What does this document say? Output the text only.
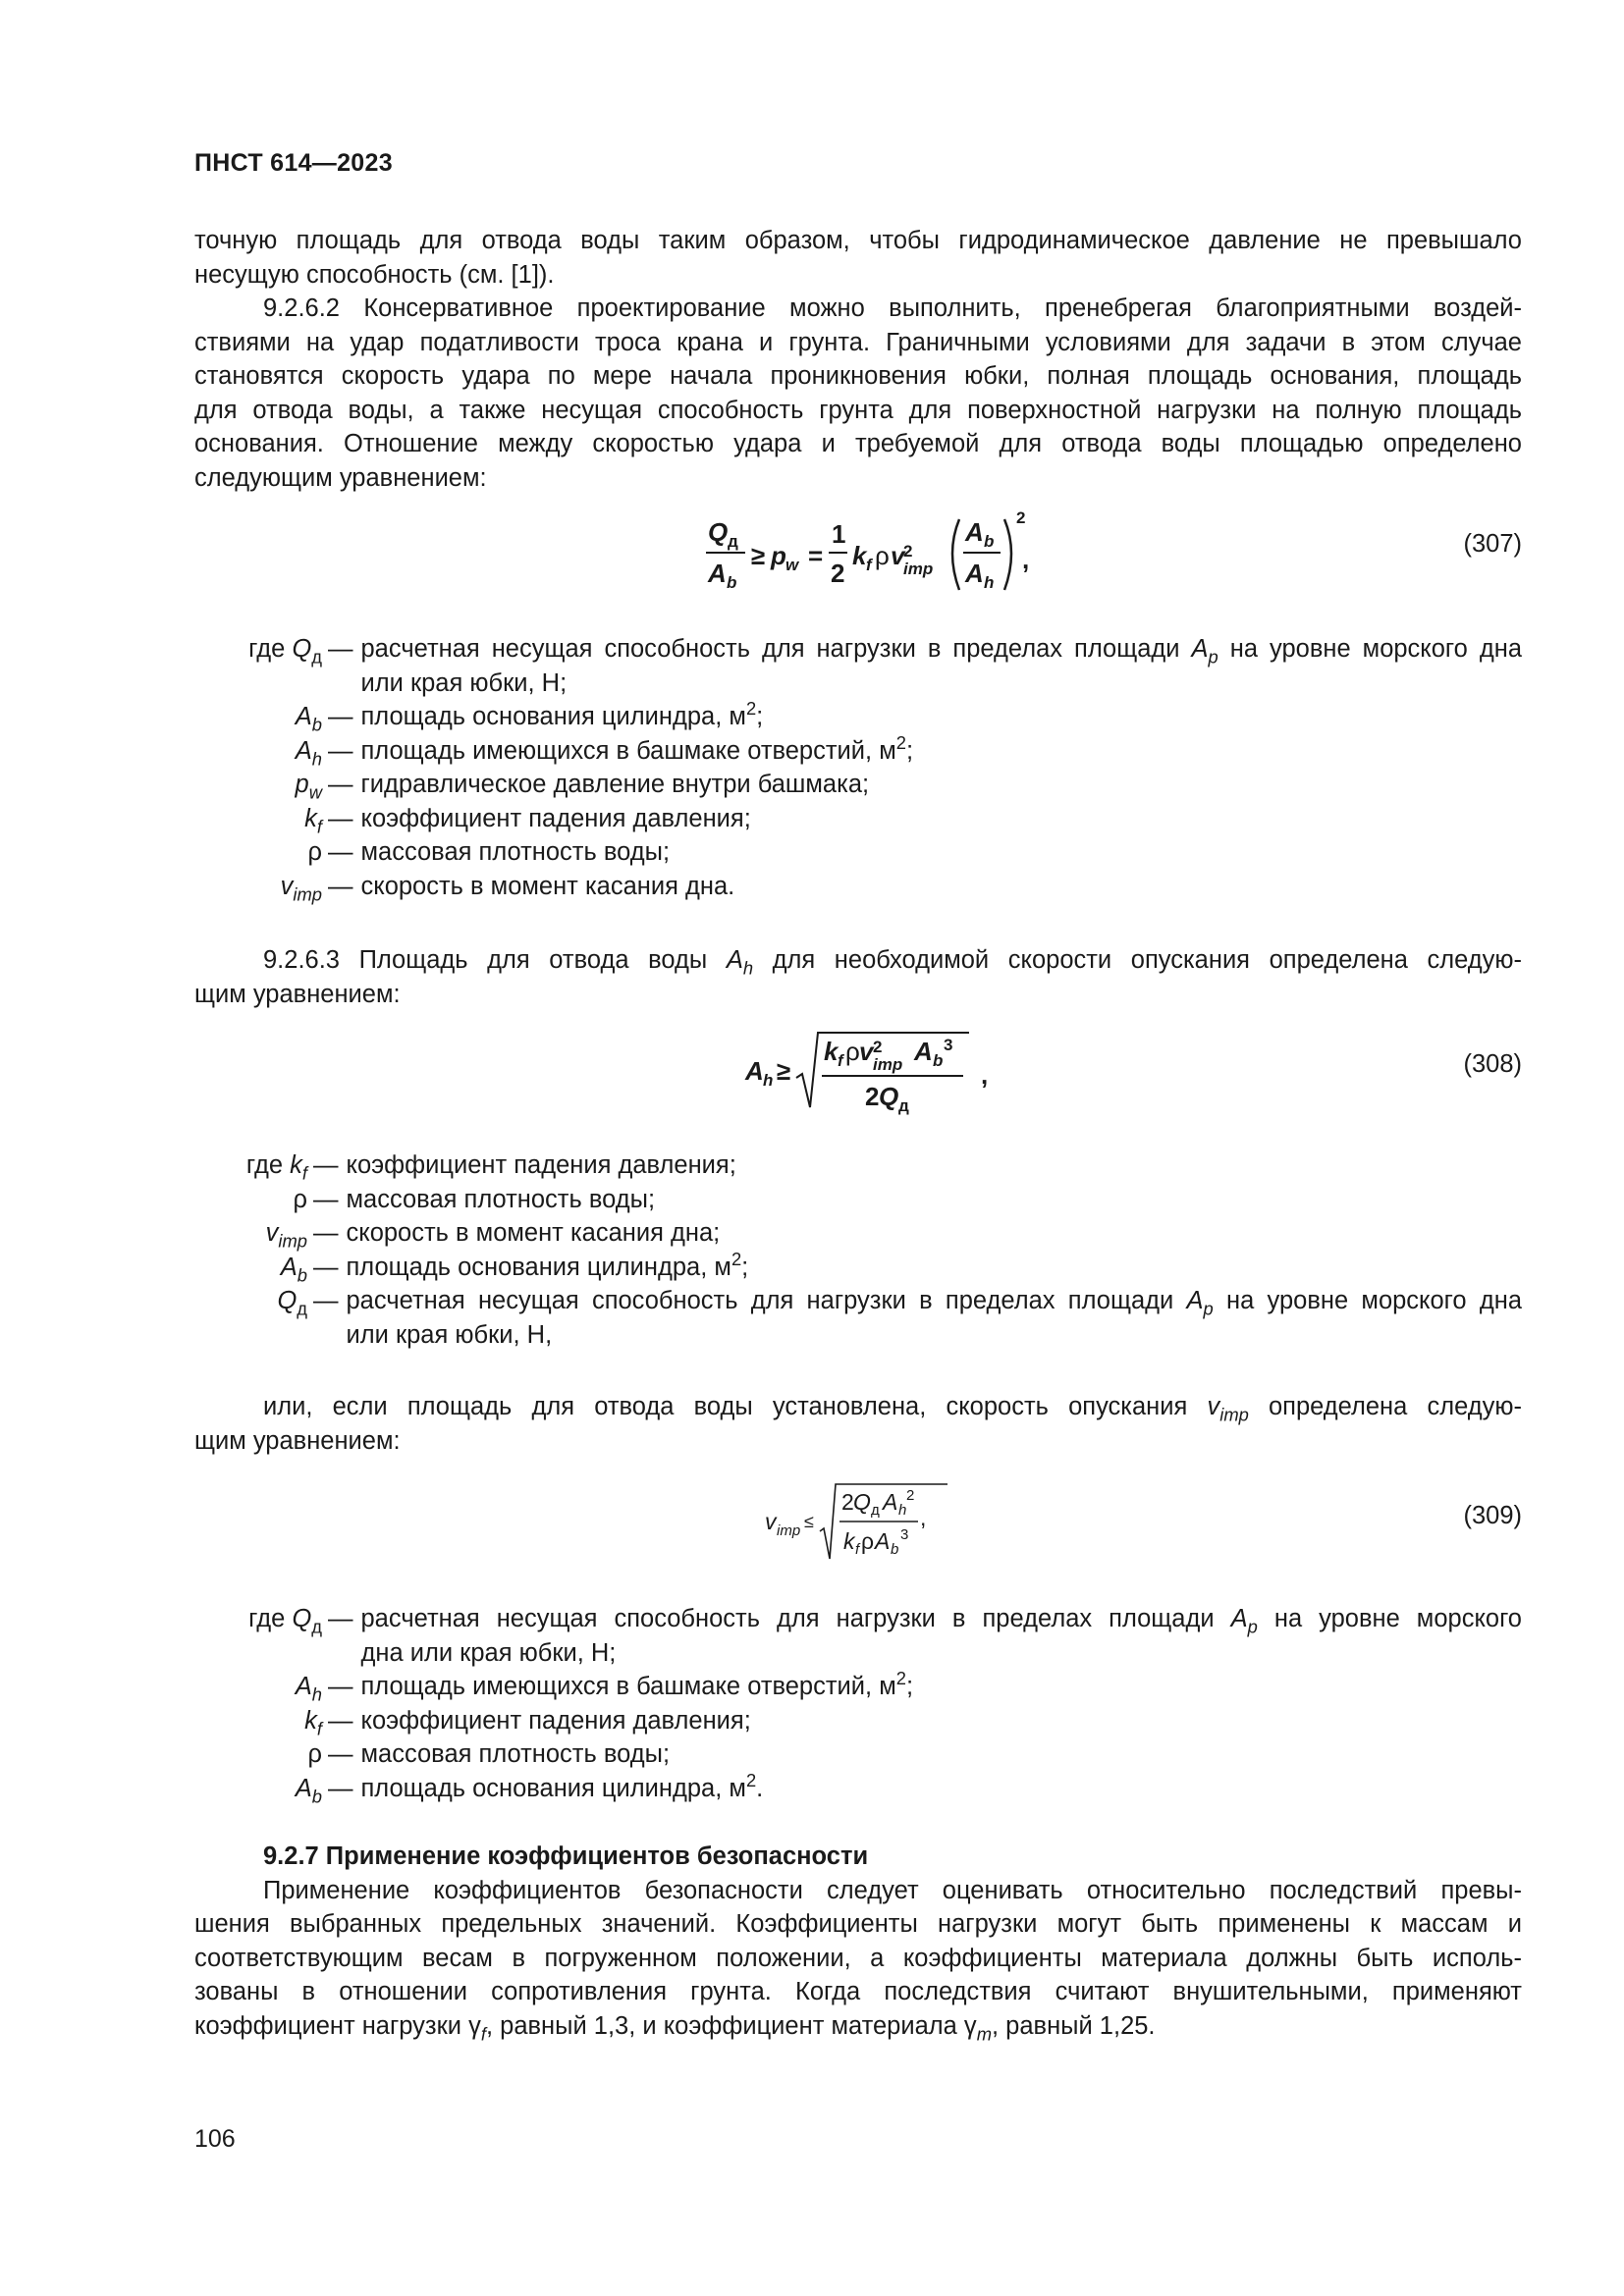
ПНСТ 614—2023
точную площадь для отвода воды таким образом, чтобы гидродинамическое давление не превышало
несущую способность (см. [1]).
9.2.6.2 Консервативное проектирование можно выполнить, пренебрегая благоприятными воздей-
ствиями на удар податливости троса крана и грунта. Граничными условиями для задачи в этом случае
становятся скорость удара по мере начала проникновения юбки, полная площадь основания, площадь
для отвода воды, а также несущая способность грунта для поверхностной нагрузки на полную площадь
основания. Отношение между скоростью удара и требуемой для отвода воды площадью определено
следующим уравнением:
Q д
A b
≥ p w =
1
2
k f ρ v
2
imp
A b
A h
2
,
(307)
где $Q_д$ — расчетная несущая способность для нагрузки в пределах площади $A_p$ на уровне морского дна
или края юбки, Н;
$A_b$ — площадь основания цилиндра, $м^2$;
$A_h$ — площадь имеющихся в башмаке отверстий, $м^2$;
$p_w$ — гидравлическое давление внутри башмака;
$k_f$ — коэффициент падения давления;
ρ — массовая плотность воды;
$v_{imp}$ — скорость в момент касания дна.
9.2.6.3 Площадь для отвода воды $A_h$ для необходимой скорости опускания определена следую-
щим уравнением:
A h ≥
k f ρ v 2
imp A b
3
2 Q д
,	(308)
где $k_f$ — коэффициент падения давления;
ρ — массовая плотность воды;
$v_{imp}$ — скорость в момент касания дна;
$A_b$ — площадь основания цилиндра, $м^2$;
$Q_д$ — расчетная несущая способность для нагрузки в пределах площади $A_p$ на уровне морского дна
или края юбки, Н,
или, если площадь для отвода воды установлена, скорость опускания $v_{imp}$ определена следую-
щим уравнением:
v imp ≤
2 Q д A h
2
k f ρ A b
3
,	(309)
где $Q_д$ — расчетная несущая способность для нагрузки в пределах площади $A_p$ на уровне морского
дна или края юбки, Н;
$A_h$ — площадь имеющихся в башмаке отверстий, $м^2$;
$k_f$ — коэффициент падения давления;
ρ — массовая плотность воды;
$A_b$ — площадь основания цилиндра, $м^2$.
9.2.7 Применение коэффициентов безопасности
Применение коэффициентов безопасности следует оценивать относительно последствий превы-
шения выбранных предельных значений. Коэффициенты нагрузки могут быть применены к массам и
соответствующим весам в погруженном положении, а коэффициенты материала должны быть исполь-
зованы в отношении сопротивления грунта. Когда последствия считают внушительными, применяют
коэффициент нагрузки $\gamma_f$, равный 1,3, и коэффициент материала $\gamma_m$, равный 1,25.
106
